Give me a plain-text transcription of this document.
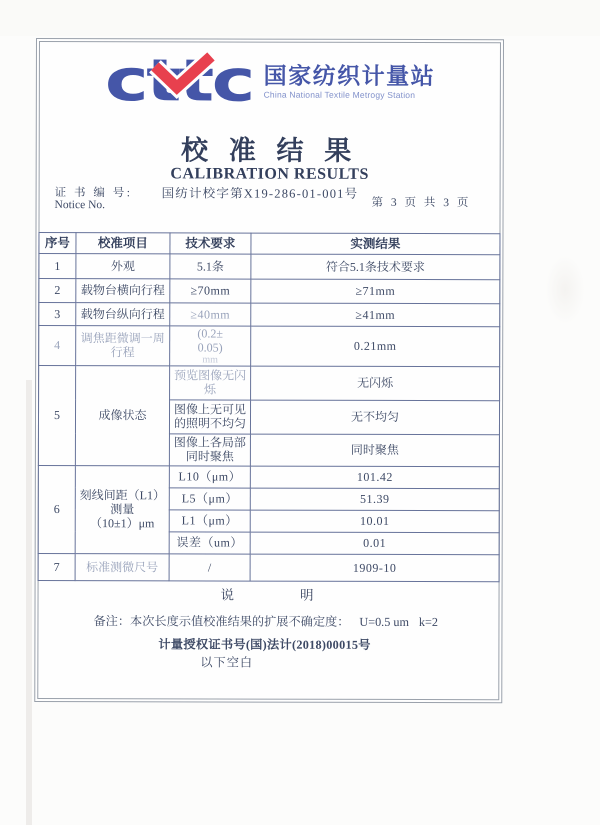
cttc	国家纺织计量站
China National Textile Metrogy Station
校 准 结 果
CALIBRATION RESULTS
证 书 编 号:
Notice No.
国纺计校字第X19-286-01-001号
第 3 页 共 3 页
序号	校准项目	技术要求	实测结果
1	外观	5.1条	符合5.1条技术要求
2	载物台横向行程	≥70mm	≥71mm
3	载物台纵向行程	≥40mm	≥41mm
4	调焦距微调一周行程	(0.2±
0.05)
mm	0.21mm
5	成像状态	预览图像无闪烁	无闪烁
		图像上无可见的照明不均匀	无不均匀
		图像上各局部同时聚焦	同时聚焦
6	刻线间距（L1）
测量
（10±1）μm	L10（μm）	101.42
		L5（μm）	51.39
		L1（μm）	10.01
		误差（um）	0.01
7	标准测微尺号	/	1909-10
说	明
备注：本次长度示值校准结果的扩展不确定度： U=0.5 um k=2
计量授权证书号(国)法计(2018)00015号
以下空白
